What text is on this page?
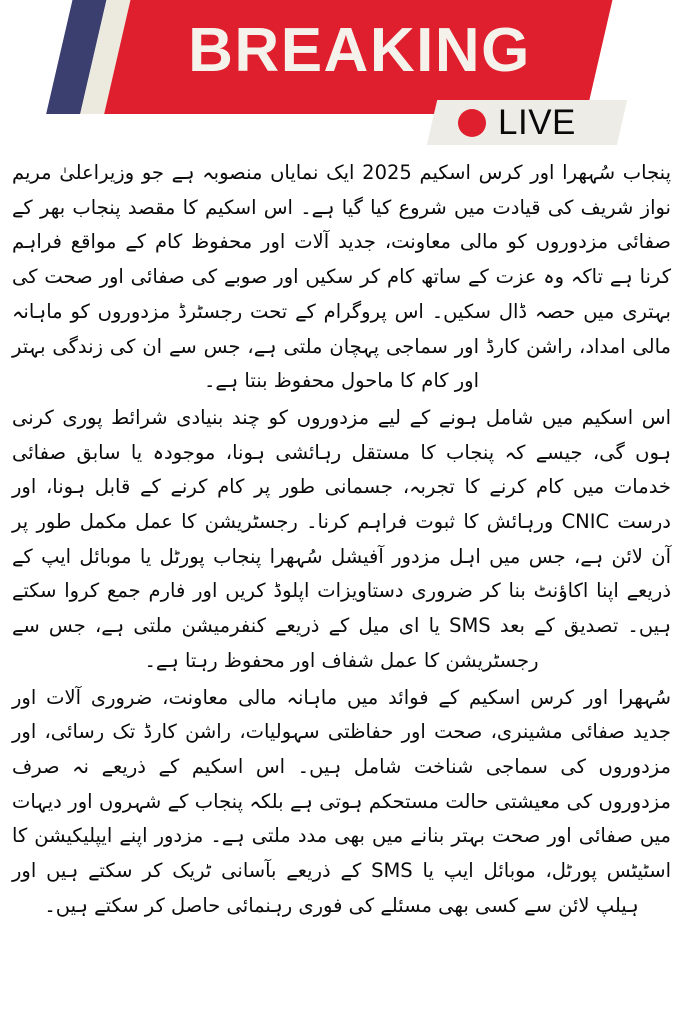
BREAKING
LIVE

پنجاب سُہھرا اور کرس اسکیم 2025 ایک نمایاں منصوبہ ہے جو وزیراعلیٰ مریم نواز شریف کی قیادت میں شروع کیا گیا ہے۔ اس اسکیم کا مقصد پنجاب بھر کے صفائی مزدوروں کو مالی معاونت، جدید آلات اور محفوظ کام کے مواقع فراہم کرنا ہے تاکہ وہ عزت کے ساتھ کام کر سکیں اور صوبے کی صفائی اور صحت کی بہتری میں حصہ ڈال سکیں۔ اس پروگرام کے تحت رجسٹرڈ مزدوروں کو ماہانہ مالی امداد، راشن کارڈ اور سماجی پہچان ملتی ہے، جس سے ان کی زندگی بہتر اور کام کا ماحول محفوظ بنتا ہے۔

اس اسکیم میں شامل ہونے کے لیے مزدوروں کو چند بنیادی شرائط پوری کرنی ہوں گی، جیسے کہ پنجاب کا مستقل رہائشی ہونا، موجودہ یا سابق صفائی خدمات میں کام کرنے کا تجربہ، جسمانی طور پر کام کرنے کے قابل ہونا، اور درست CNIC ورہائش کا ثبوت فراہم کرنا۔ رجسٹریشن کا عمل مکمل طور پر آن لائن ہے، جس میں اہل مزدور آفیشل سُہھرا پنجاب پورٹل یا موبائل ایپ کے ذریعے اپنا اکاؤنٹ بنا کر ضروری دستاویزات اپلوڈ کریں اور فارم جمع کروا سکتے ہیں۔ تصدیق کے بعد SMS یا ای میل کے ذریعے کنفرمیشن ملتی ہے، جس سے رجسٹریشن کا عمل شفاف اور محفوظ رہتا ہے۔

سُہھرا اور کرس اسکیم کے فوائد میں ماہانہ مالی معاونت، ضروری آلات اور جدید صفائی مشینری، صحت اور حفاظتی سہولیات، راشن کارڈ تک رسائی، اور مزدوروں کی سماجی شناخت شامل ہیں۔ اس اسکیم کے ذریعے نہ صرف مزدوروں کی معیشتی حالت مستحکم ہوتی ہے بلکہ پنجاب کے شہروں اور دیہات میں صفائی اور صحت بہتر بنانے میں بھی مدد ملتی ہے۔ مزدور اپنے ایپلیکیشن کا اسٹیٹس پورٹل، موبائل ایپ یا SMS کے ذریعے بآسانی ٹریک کر سکتے ہیں اور ہیلپ لائن سے کسی بھی مسئلے کی فوری رہنمائی حاصل کر سکتے ہیں۔
